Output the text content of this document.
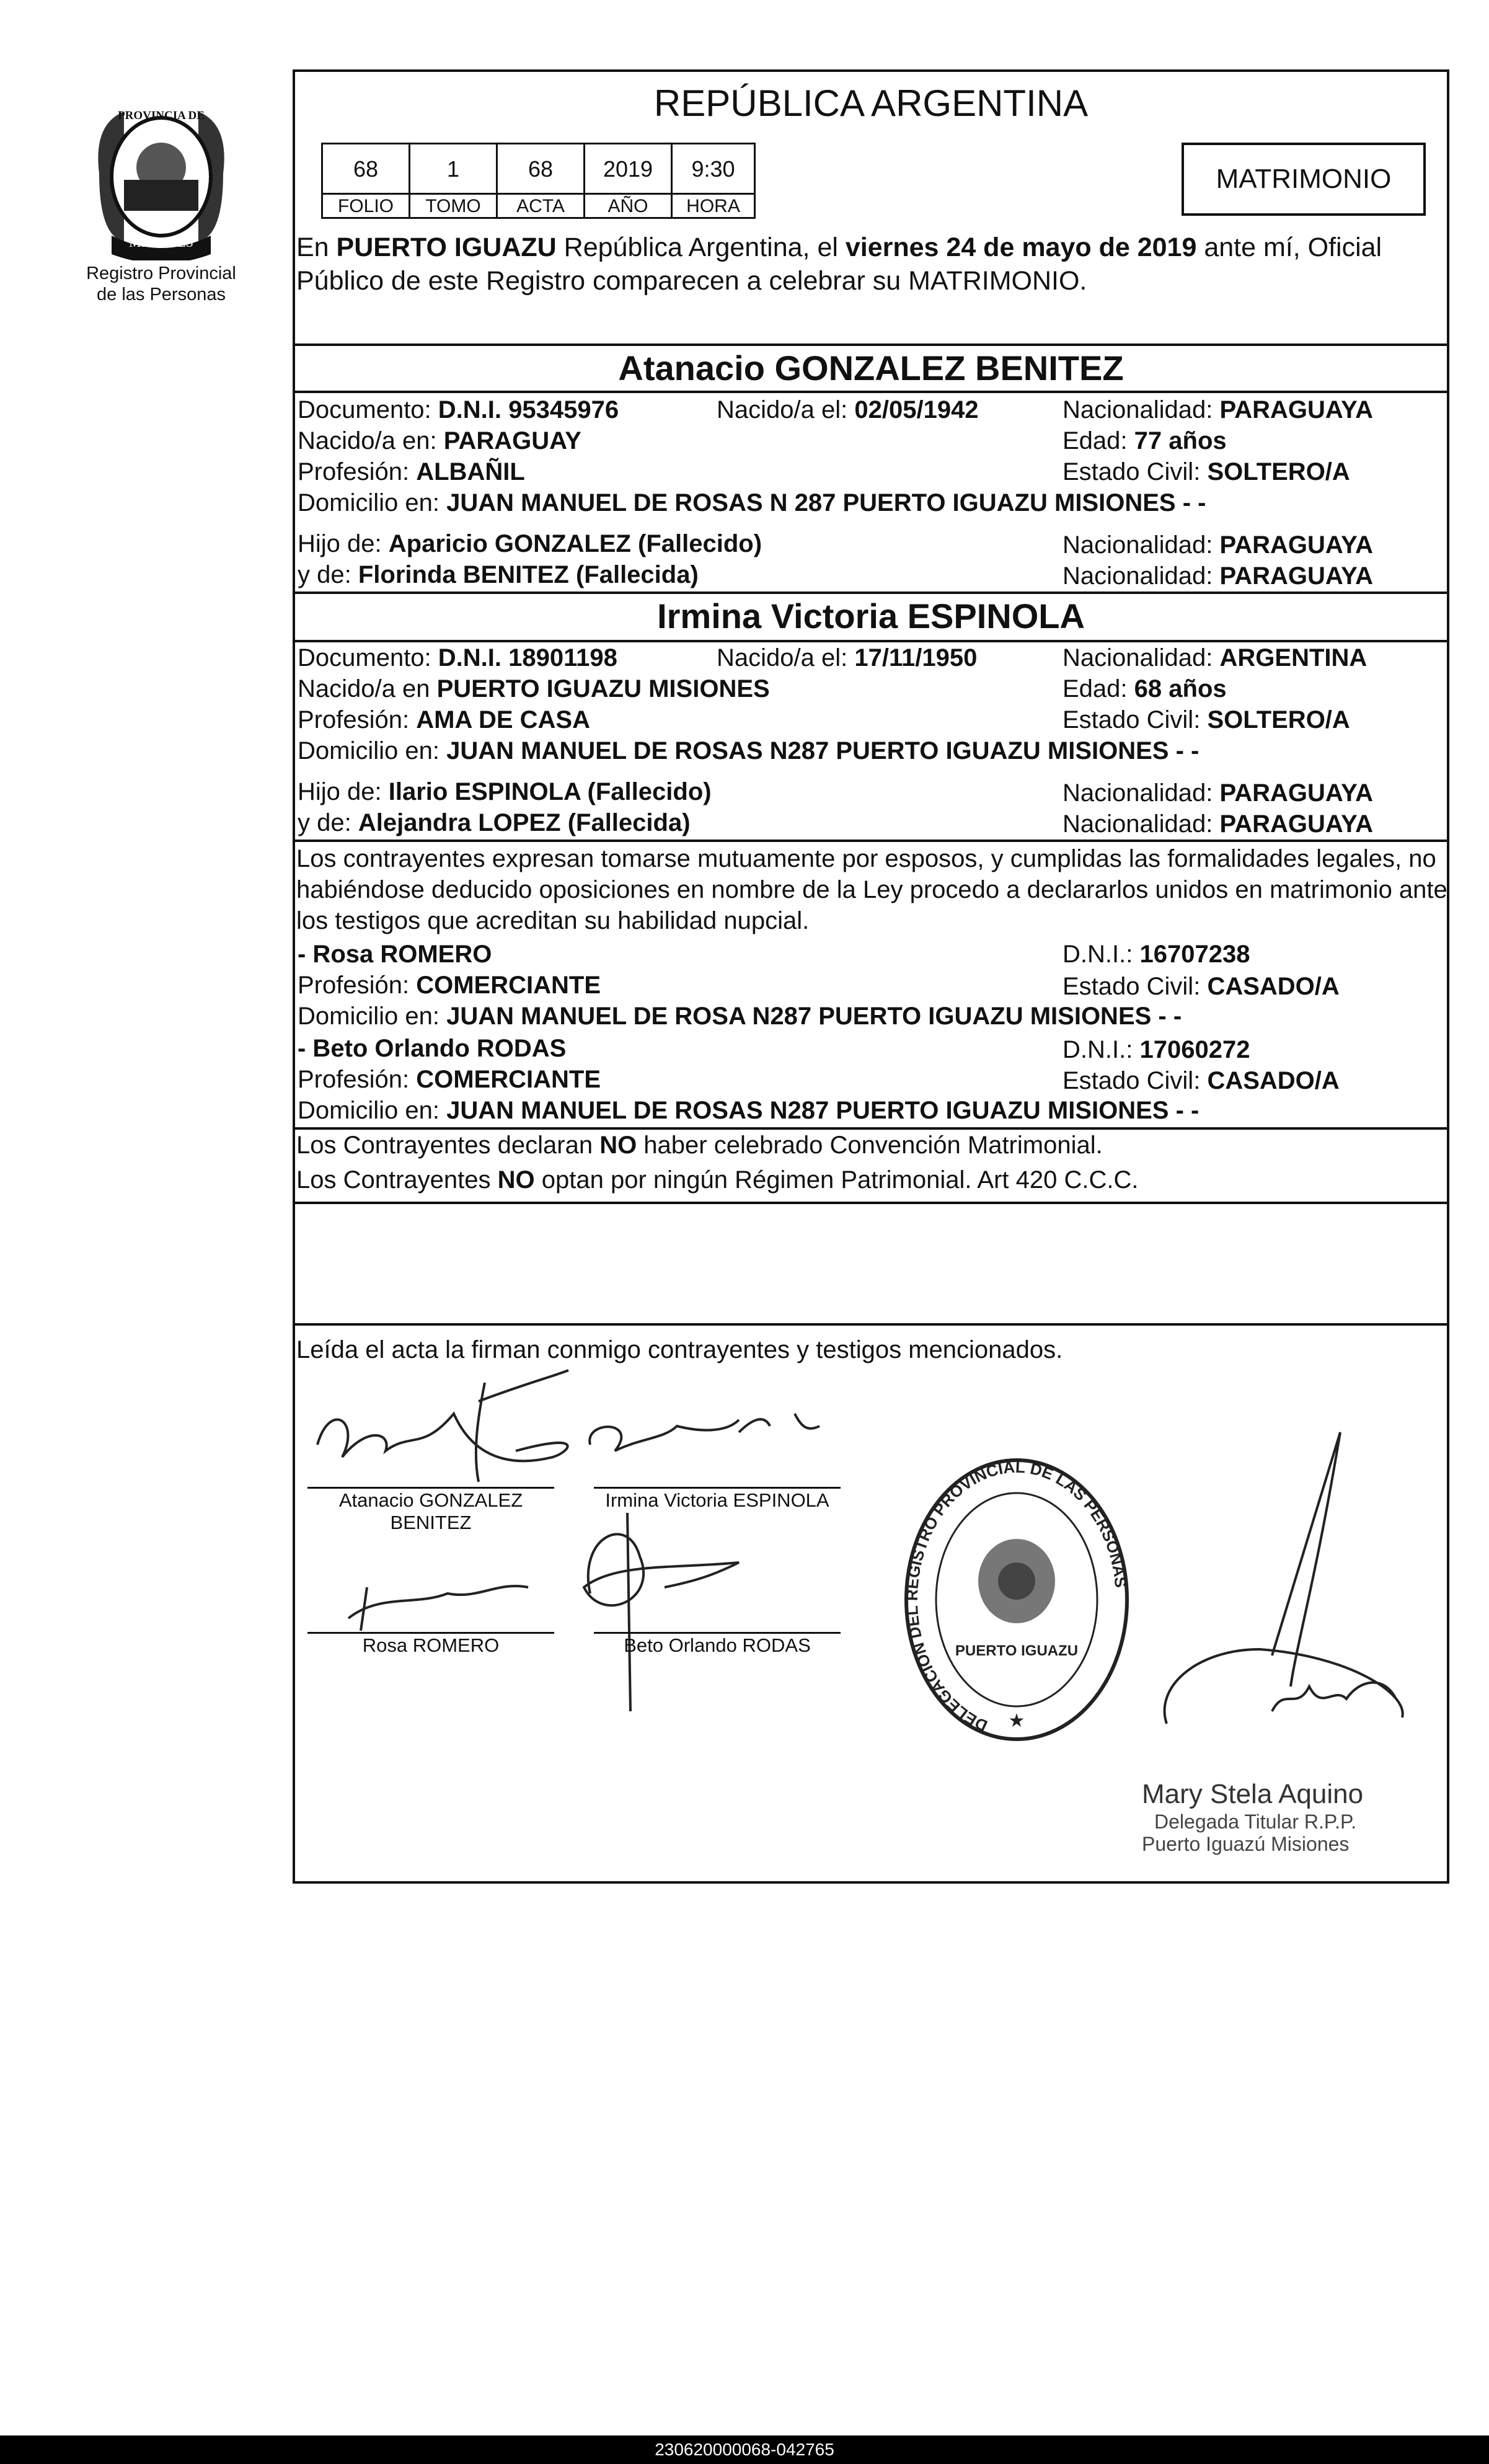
PROVINCIA DE
MISIONES
Registro Provincial
de las Personas
REPÚBLICA ARGENTINA
68	1	68	2019	9:30
FOLIO	TOMO	ACTA	AÑO	HORA
MATRIMONIO
En PUERTO IGUAZU República Argentina, el viernes 24 de mayo de 2019 ante mí, Oficial
Público de este Registro comparecen a celebrar su MATRIMONIO.
Atanacio GONZALEZ BENITEZ
Documento: D.N.I. 95345976	Nacido/a el: 02/05/1942	Nacionalidad: PARAGUAYA
Nacido/a en: PARAGUAY	Edad: 77 años
Profesión: ALBAÑIL	Estado Civil: SOLTERO/A
Domicilio en: JUAN MANUEL DE ROSAS N 287 PUERTO IGUAZU MISIONES - -
Hijo de: Aparicio GONZALEZ (Fallecido)	Nacionalidad: PARAGUAYA
y de: Florinda BENITEZ (Fallecida)	Nacionalidad: PARAGUAYA
Irmina Victoria ESPINOLA
Documento: D.N.I. 18901198	Nacido/a el: 17/11/1950	Nacionalidad: ARGENTINA
Nacido/a en PUERTO IGUAZU MISIONES	Edad: 68 años
Profesión: AMA DE CASA	Estado Civil: SOLTERO/A
Domicilio en: JUAN MANUEL DE ROSAS N287 PUERTO IGUAZU MISIONES - -
Hijo de: Ilario ESPINOLA (Fallecido)	Nacionalidad: PARAGUAYA
y de: Alejandra LOPEZ (Fallecida)	Nacionalidad: PARAGUAYA
Los contrayentes expresan tomarse mutuamente por esposos, y cumplidas las formalidades legales, no
habiéndose deducido oposiciones en nombre de la Ley procedo a declararlos unidos en matrimonio ante
los testigos que acreditan su habilidad nupcial.
- Rosa ROMERO	D.N.I.: 16707238
Profesión: COMERCIANTE	Estado Civil: CASADO/A
Domicilio en: JUAN MANUEL DE ROSA N287 PUERTO IGUAZU MISIONES - -
- Beto Orlando RODAS	D.N.I.: 17060272
Profesión: COMERCIANTE	Estado Civil: CASADO/A
Domicilio en: JUAN MANUEL DE ROSAS N287 PUERTO IGUAZU MISIONES - -
Los Contrayentes declaran NO haber celebrado Convención Matrimonial.
Los Contrayentes NO optan por ningún Régimen Patrimonial. Art 420 C.C.C.
Leída el acta la firman conmigo contrayentes y testigos mencionados.
Atanacio GONZALEZ
BENITEZ
Irmina Victoria ESPINOLA
Rosa ROMERO	Beto Orlando RODAS
DELEGACION DEL REGISTRO PROVINCIAL DE LAS PERSONAS
PUERTO IGUAZU
★
Mary Stela Aquino
Delegada Titular R.P.P.
Puerto Iguazú Misiones
230620000068-042765
